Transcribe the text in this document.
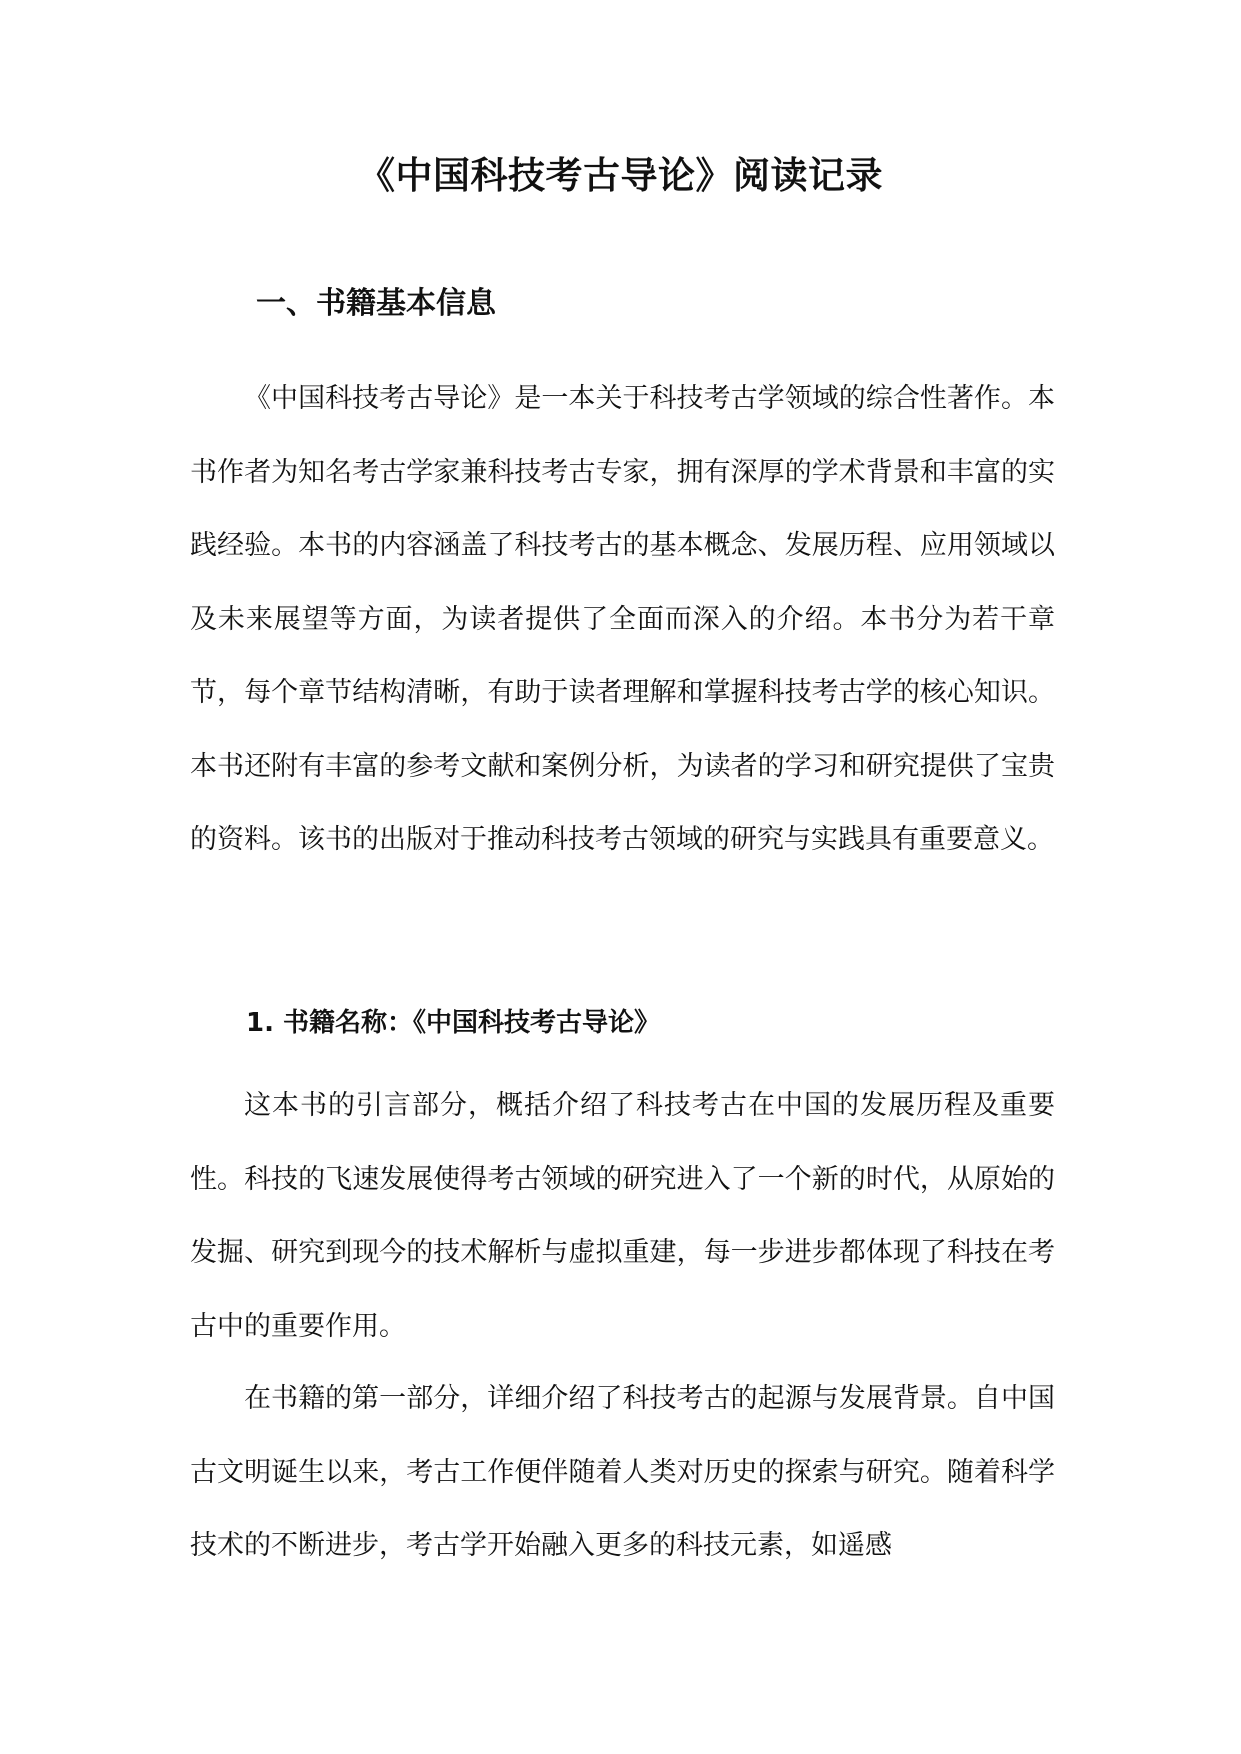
《中国科技考古导论》阅读记录
一、书籍基本信息

《中国科技考古导论》是一本关于科技考古学领域的综合性著作。本书作者为知名考古学家兼科技考古专家，拥有深厚的学术背景和丰富的实践经验。本书的内容涵盖了科技考古的基本概念、发展历程、应用领域以及未来展望等方面，为读者提供了全面而深入的介绍。本书分为若干章节，每个章节结构清晰，有助于读者理解和掌握科技考古学的核心知识。本书还附有丰富的参考文献和案例分析，为读者的学习和研究提供了宝贵的资料。该书的出版对于推动科技考古领域的研究与实践具有重要意义。

1. 书籍名称：《中国科技考古导论》

这本书的引言部分，概括介绍了科技考古在中国的发展历程及重要性。科技的飞速发展使得考古领域的研究进入了一个新的时代，从原始的发掘、研究到现今的技术解析与虚拟重建，每一步进步都体现了科技在考古中的重要作用。

在书籍的第一部分，详细介绍了科技考古的起源与发展背景。自中国古文明诞生以来，考古工作便伴随着人类对历史的探索与研究。随着科学技术的不断进步，考古学开始融入更多的科技元素，如遥感
